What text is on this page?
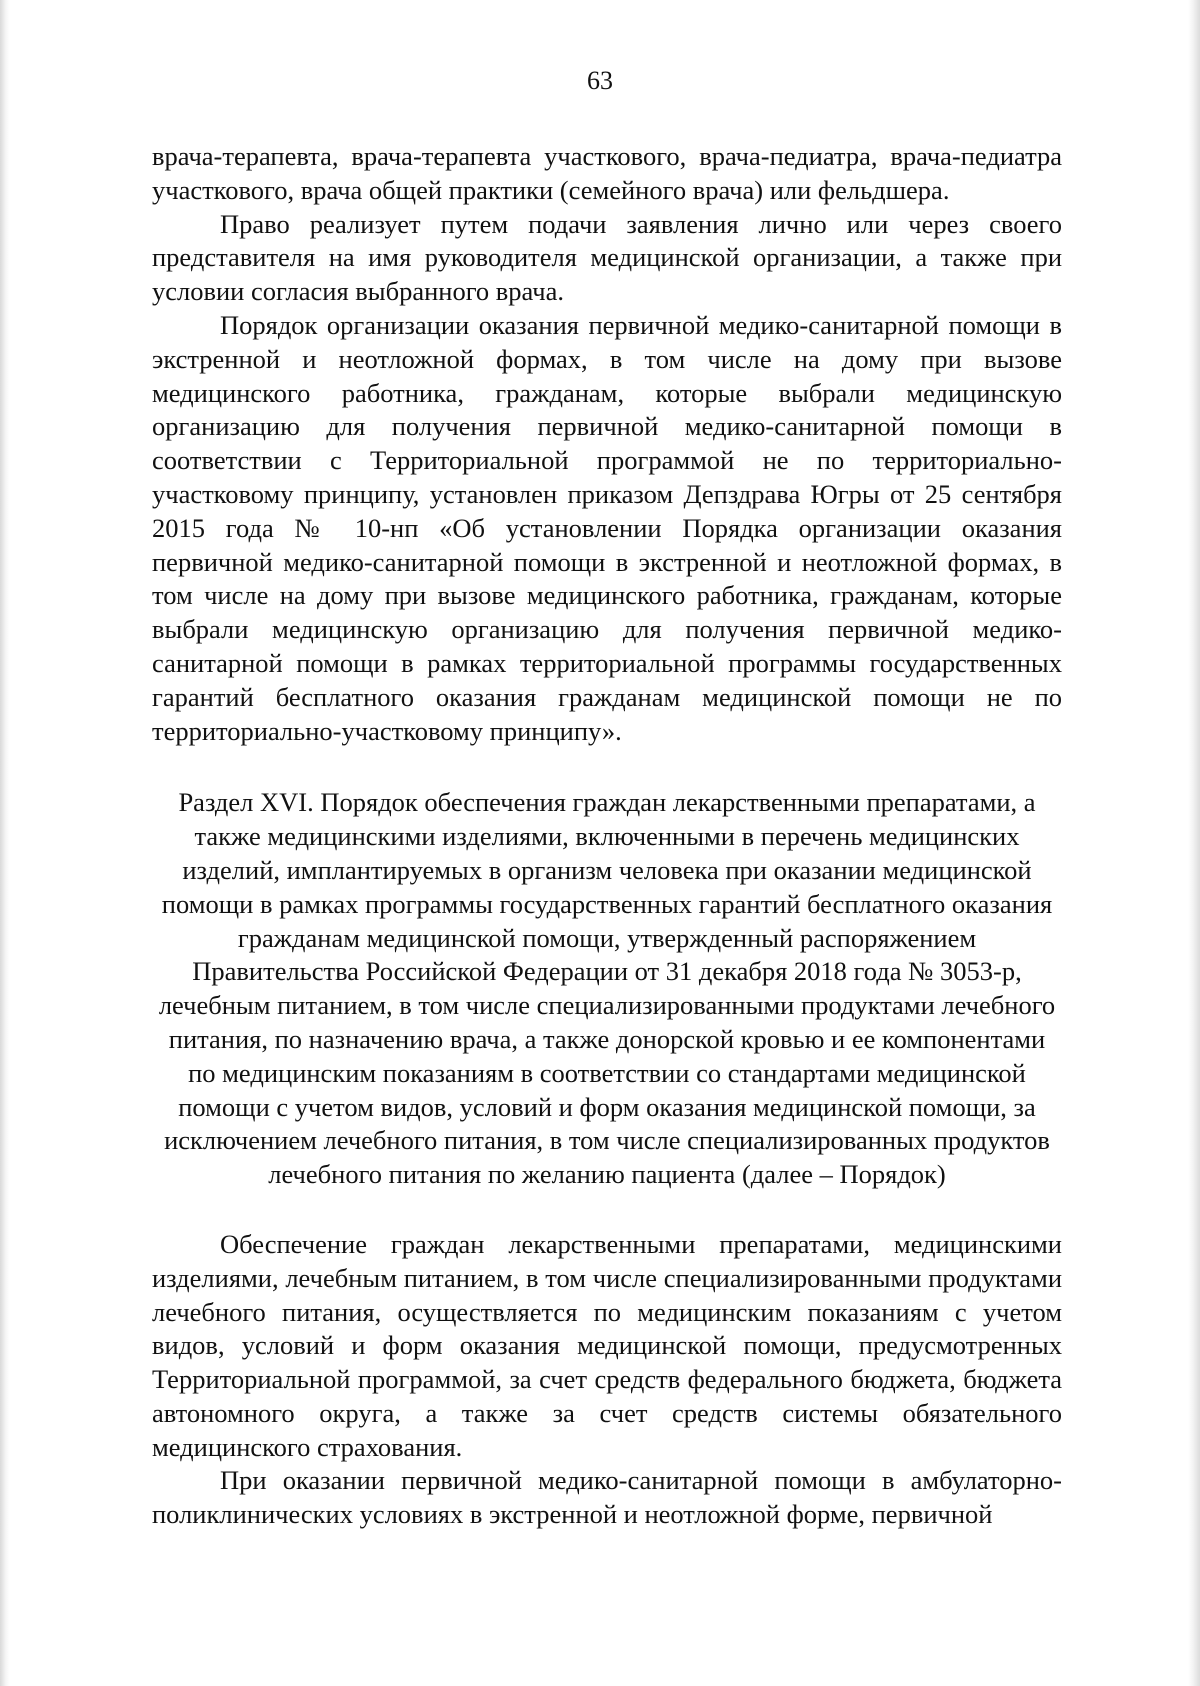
63

врача-терапевта, врача-терапевта участкового, врача-педиатра, врача-педиатра участкового, врача общей практики (семейного врача) или фельдшера.

Право реализует путем подачи заявления лично или через своего представителя на имя руководителя медицинской организации, а также при условии согласия выбранного врача.

Порядок организации оказания первичной медико-санитарной помощи в экстренной и неотложной формах, в том числе на дому при вызове медицинского работника, гражданам, которые выбрали медицинскую организацию для получения первичной медико-санитарной помощи в соответствии с Территориальной программой не по территориально-участковому принципу, установлен приказом Депздрава Югры от 25 сентября 2015 года № 10-нп «Об установлении Порядка организации оказания первичной медико-санитарной помощи в экстренной и неотложной формах, в том числе на дому при вызове медицинского работника, гражданам, которые выбрали медицинскую организацию для получения первичной медико-санитарной помощи в рамках территориальной программы государственных гарантий бесплатного оказания гражданам медицинской помощи не по территориально-участковому принципу».

Раздел XVI. Порядок обеспечения граждан лекарственными препаратами, а также медицинскими изделиями, включенными в перечень медицинских изделий, имплантируемых в организм человека при оказании медицинской помощи в рамках программы государственных гарантий бесплатного оказания гражданам медицинской помощи, утвержденный распоряжением Правительства Российской Федерации от 31 декабря 2018 года № 3053-р, лечебным питанием, в том числе специализированными продуктами лечебного питания, по назначению врача, а также донорской кровью и ее компонентами по медицинским показаниям в соответствии со стандартами медицинской помощи с учетом видов, условий и форм оказания медицинской помощи, за исключением лечебного питания, в том числе специализированных продуктов лечебного питания по желанию пациента (далее – Порядок)

Обеспечение граждан лекарственными препаратами, медицинскими изделиями, лечебным питанием, в том числе специализированными продуктами лечебного питания, осуществляется по медицинским показаниям с учетом видов, условий и форм оказания медицинской помощи, предусмотренных Территориальной программой, за счет средств федерального бюджета, бюджета автономного округа, а также за счет средств системы обязательного медицинского страхования.

При оказании первичной медико-санитарной помощи в амбулаторно-поликлинических условиях в экстренной и неотложной форме, первичной
